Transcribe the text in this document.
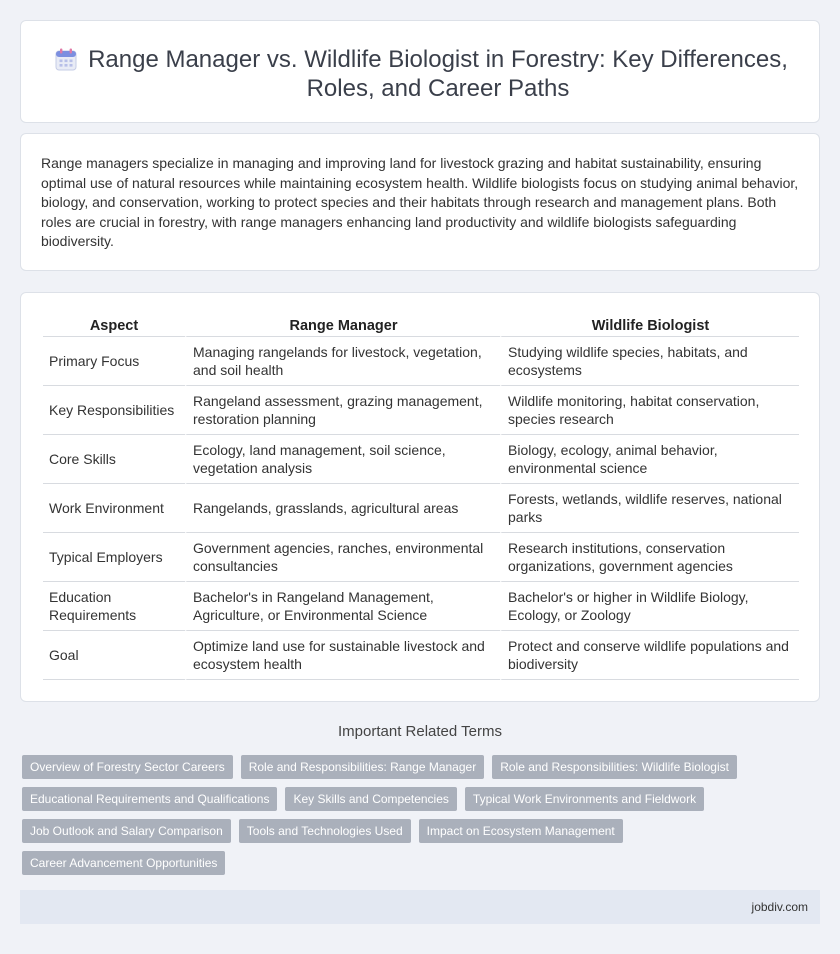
Range Manager vs. Wildlife Biologist in Forestry: Key Differences, Roles, and Career Paths

Range managers specialize in managing and improving land for livestock grazing and habitat sustainability, ensuring optimal use of natural resources while maintaining ecosystem health. Wildlife biologists focus on studying animal behavior, biology, and conservation, working to protect species and their habitats through research and management plans. Both roles are crucial in forestry, with range managers enhancing land productivity and wildlife biologists safeguarding biodiversity.

Aspect	Range Manager	Wildlife Biologist
Primary Focus	Managing rangelands for livestock, vegetation, and soil health	Studying wildlife species, habitats, and ecosystems
Key Responsibilities	Rangeland assessment, grazing management, restoration planning	Wildlife monitoring, habitat conservation, species research
Core Skills	Ecology, land management, soil science, vegetation analysis	Biology, ecology, animal behavior, environmental science
Work Environment	Rangelands, grasslands, agricultural areas	Forests, wetlands, wildlife reserves, national parks
Typical Employers	Government agencies, ranches, environmental consultancies	Research institutions, conservation organizations, government agencies
Education Requirements	Bachelor's in Rangeland Management, Agriculture, or Environmental Science	Bachelor's or higher in Wildlife Biology, Ecology, or Zoology
Goal	Optimize land use for sustainable livestock and ecosystem health	Protect and conserve wildlife populations and biodiversity
Important Related Terms
Overview of Forestry Sector Careers	Role and Responsibilities: Range Manager	Role and Responsibilities: Wildlife Biologist
Educational Requirements and Qualifications	Key Skills and Competencies	Typical Work Environments and Fieldwork
Job Outlook and Salary Comparison	Tools and Technologies Used	Impact on Ecosystem Management
Career Advancement Opportunities
jobdiv.com
